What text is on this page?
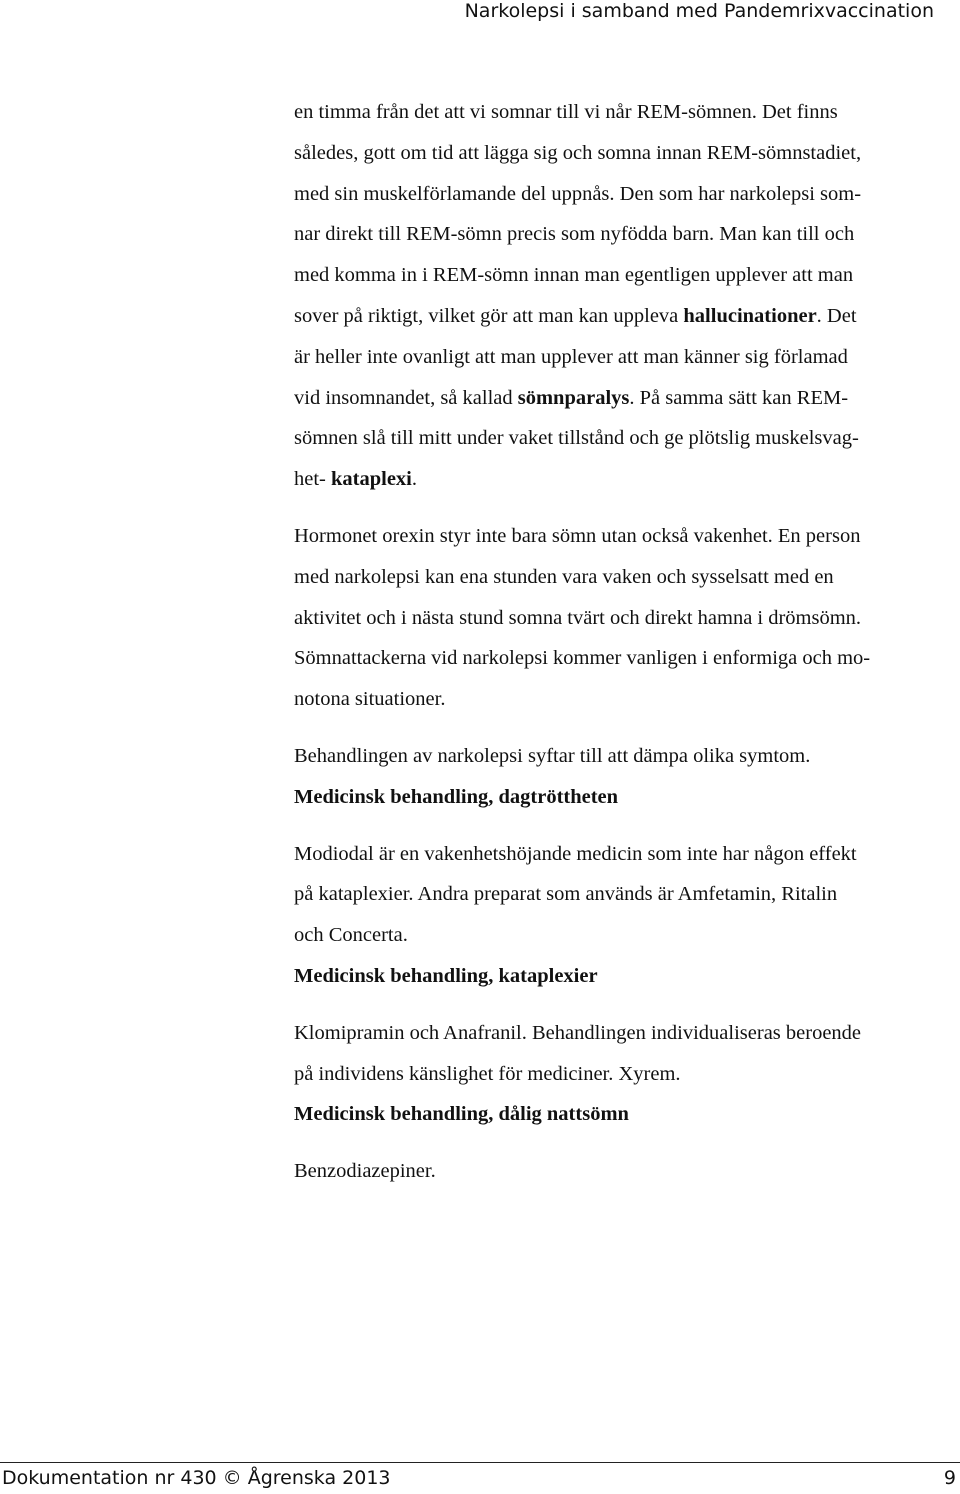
Narkolepsi i samband med Pandemrixvaccination

en timma från det att vi somnar till vi når REM-sömnen. Det finns
således, gott om tid att lägga sig och somna innan REM-sömnstadiet,
med sin muskelförlamande del uppnås. Den som har narkolepsi som-
nar direkt till REM-sömn precis som nyfödda barn. Man kan till och
med komma in i REM-sömn innan man egentligen upplever att man
sover på riktigt, vilket gör att man kan uppleva hallucinationer. Det
är heller inte ovanligt att man upplever att man känner sig förlamad
vid insomnandet, så kallad sömnparalys. På samma sätt kan REM-
sömnen slå till mitt under vaket tillstånd och ge plötslig muskelsvag-
het- kataplexi.

Hormonet orexin styr inte bara sömn utan också vakenhet. En person
med narkolepsi kan ena stunden vara vaken och sysselsatt med en
aktivitet och i nästa stund somna tvärt och direkt hamna i drömsömn.
Sömnattackerna vid narkolepsi kommer vanligen i enformiga och mo-
notona situationer.

Behandlingen av narkolepsi syftar till att dämpa olika symtom.

Medicinsk behandling, dagtröttheten

Modiodal är en vakenhetshöjande medicin som inte har någon effekt
på kataplexier. Andra preparat som används är Amfetamin, Ritalin
och Concerta.

Medicinsk behandling, kataplexier

Klomipramin och Anafranil. Behandlingen individualiseras beroende
på individens känslighet för mediciner. Xyrem.

Medicinsk behandling, dålig nattsömn

Benzodiazepiner.

Dokumentation nr 430 © Ågrenska 2013	9
